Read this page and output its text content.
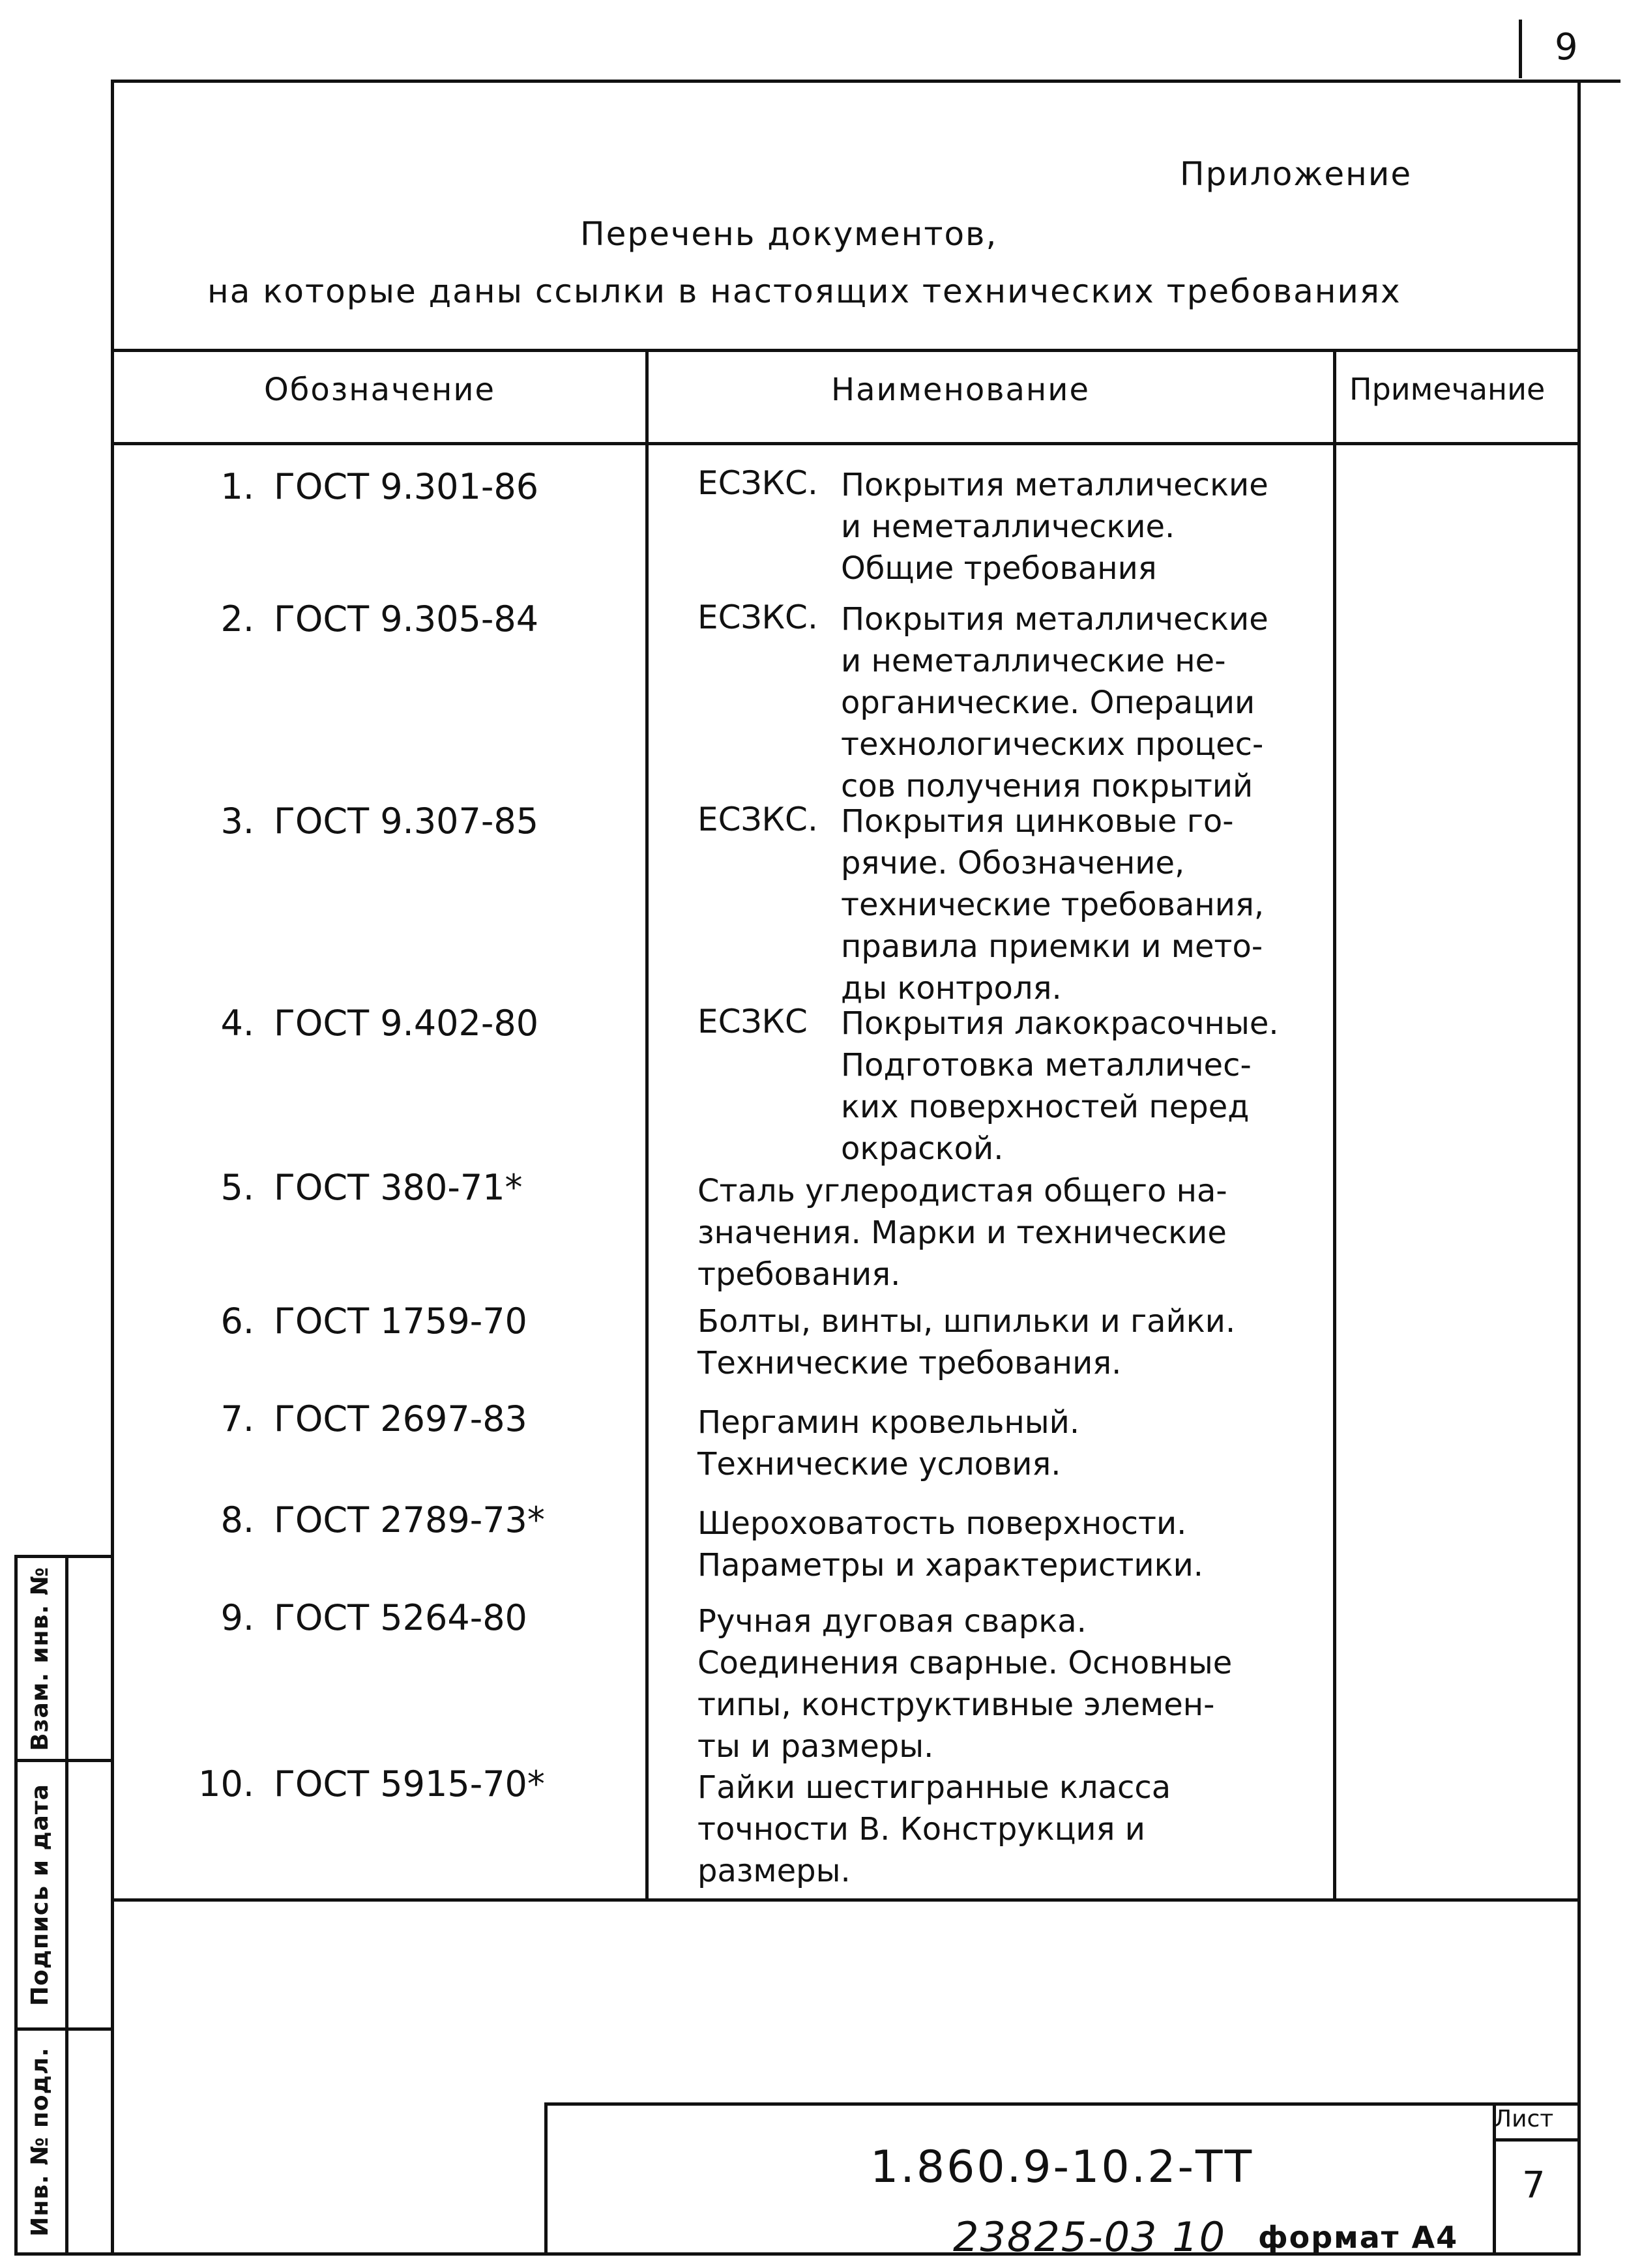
9
Приложение
Перечень документов,
на которые даны ссылки в настоящих технических требованиях
Обозначение	Наименование	Примечание
1. ГОСТ 9.301-86	ЕСЗКС. Покрытия металлические
и неметаллические.
Общие требования
2. ГОСТ 9.305-84	ЕСЗКС. Покрытия металлические
и неметаллические не-
органические. Операции
технологических процес-
сов получения покрытий
3. ГОСТ 9.307-85	ЕСЗКС. Покрытия цинковые го-
рячие. Обозначение,
технические требования,
правила приемки и мето-
ды контроля.
4. ГОСТ 9.402-80	ЕСЗКС Покрытия лакокрасочные.
Подготовка металличес-
ких поверхностей перед
окраской.
5. ГОСТ 380-71*	Сталь углеродистая общего на-
значения. Марки и технические
требования.
6. ГОСТ 1759-70	Болты, винты, шпильки и гайки.
Технические требования.
7. ГОСТ 2697-83	Пергамин кровельный.
Технические условия.
8. ГОСТ 2789-73*	Шероховатость поверхности.
Параметры и характеристики.
9. ГОСТ 5264-80	Ручная дуговая сварка.
Соединения сварные. Основные
типы, конструктивные элемен-
ты и размеры.
10. ГОСТ 5915-70*	Гайки шестигранные класса
точности В. Конструкция и
размеры.
Взам. инв. №
Подпись и дата
Инв. № подл.	1.860.9-10.2-ТТ
Лист
7
23825-03 10 формат А4
